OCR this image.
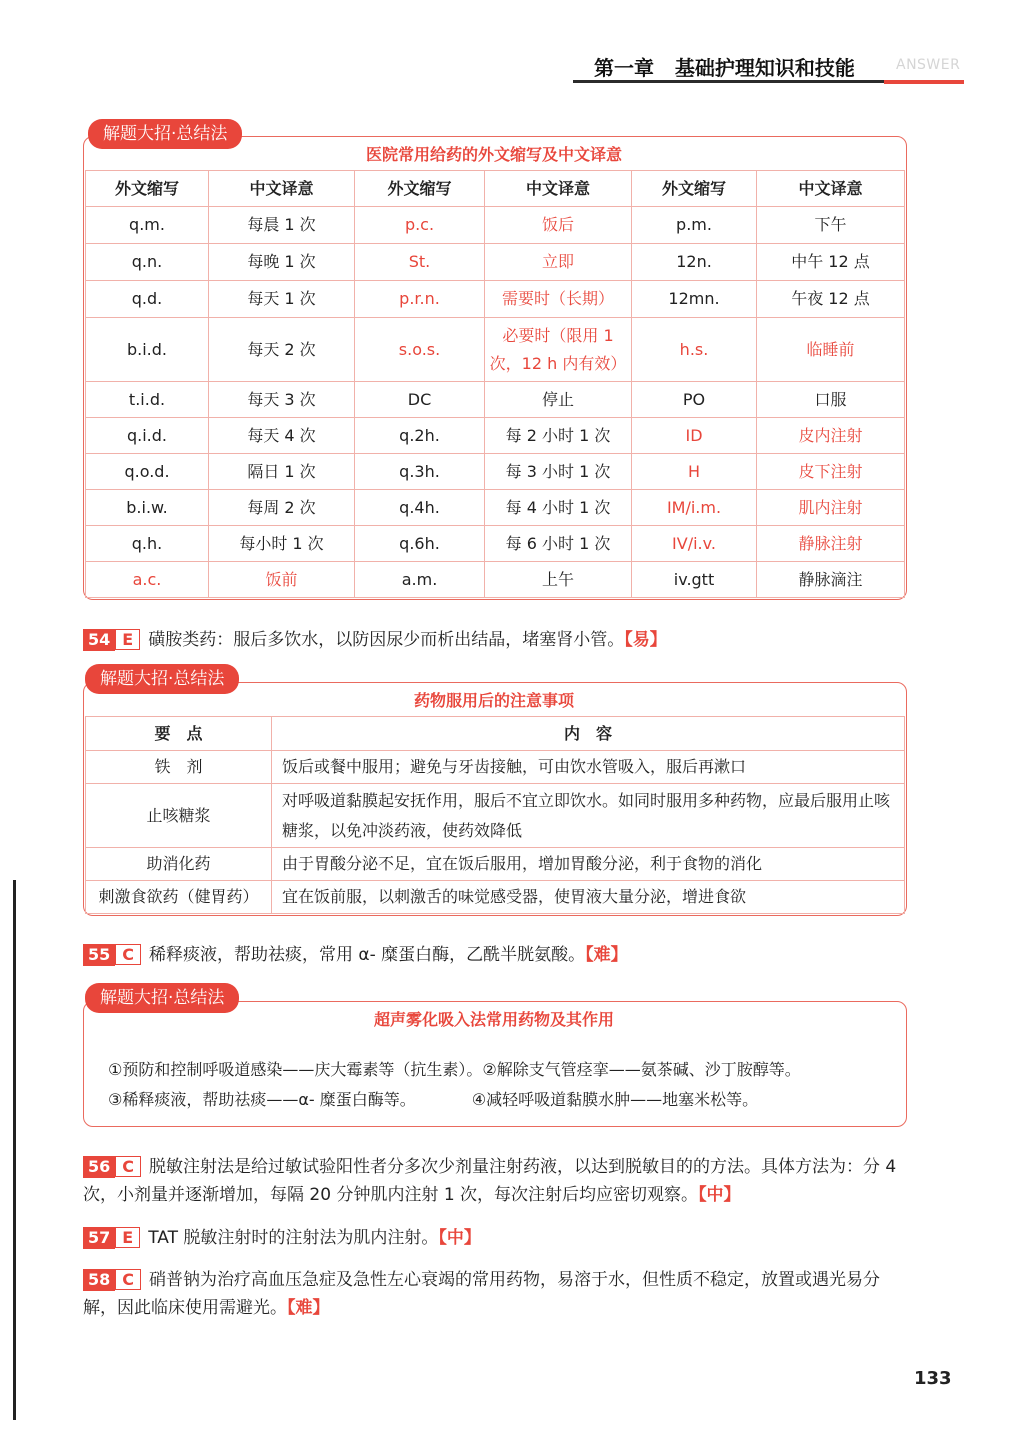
第一章 基础护理知识和技能	ANSWER
解题大招·总结法
医院常用给药的外文缩写及中文译意
外文缩写	中文译意	外文缩写	中文译意	外文缩写	中文译意
q.m.	每晨 1 次	p.c.	饭后	p.m.	下午
q.n.	每晚 1 次	St.	立即	12n.	中午 12 点
q.d.	每天 1 次	p.r.n.	需要时（长期）	12mn.	午夜 12 点
b.i.d.	每天 2 次	s.o.s.	必要时（限用 1 次，12 h 内有效）	h.s.	临睡前
t.i.d.	每天 3 次	DC	停止	PO	口服
q.i.d.	每天 4 次	q.2h.	每 2 小时 1 次	ID	皮内注射
q.o.d.	隔日 1 次	q.3h.	每 3 小时 1 次	H	皮下注射
b.i.w.	每周 2 次	q.4h.	每 4 小时 1 次	IM/i.m.	肌内注射
q.h.	每小时 1 次	q.6h.	每 6 小时 1 次	IV/i.v.	静脉注射
a.c.	饭前	a.m.	上午	iv.gtt	静脉滴注
54 E 磺胺类药：服后多饮水，以防因尿少而析出结晶，堵塞肾小管。【易】
解题大招·总结法
药物服用后的注意事项
要　点	内　容
铁　剂	饭后或餐中服用；避免与牙齿接触，可由饮水管吸入，服后再漱口
止咳糖浆	对呼吸道黏膜起安抚作用，服后不宜立即饮水。如同时服用多种药物，应最后服用止咳糖浆，以免冲淡药液，使药效降低
助消化药	由于胃酸分泌不足，宜在饭后服用，增加胃酸分泌，利于食物的消化
刺激食欲药（健胃药）	宜在饭前服，以刺激舌的味觉感受器，使胃液大量分泌，增进食欲
55 C 稀释痰液，帮助祛痰，常用 α- 糜蛋白酶，乙酰半胱氨酸。【难】
解题大招·总结法
超声雾化吸入法常用药物及其作用
①预防和控制呼吸道感染——庆大霉素等（抗生素）。②解除支气管痉挛——氨茶碱、沙丁胺醇等。
③稀释痰液，帮助祛痰——α- 糜蛋白酶等。　　　　④减轻呼吸道黏膜水肿——地塞米松等。
56 C 脱敏注射法是给过敏试验阳性者分多次少剂量注射药液，以达到脱敏目的的方法。具体方法为：分 4 次，小剂量并逐渐增加，每隔 20 分钟肌内注射 1 次，每次注射后均应密切观察。【中】
57 E TAT 脱敏注射时的注射法为肌内注射。【中】
58 C 硝普钠为治疗高血压急症及急性左心衰竭的常用药物，易溶于水，但性质不稳定，放置或遇光易分解，因此临床使用需避光。【难】
133
